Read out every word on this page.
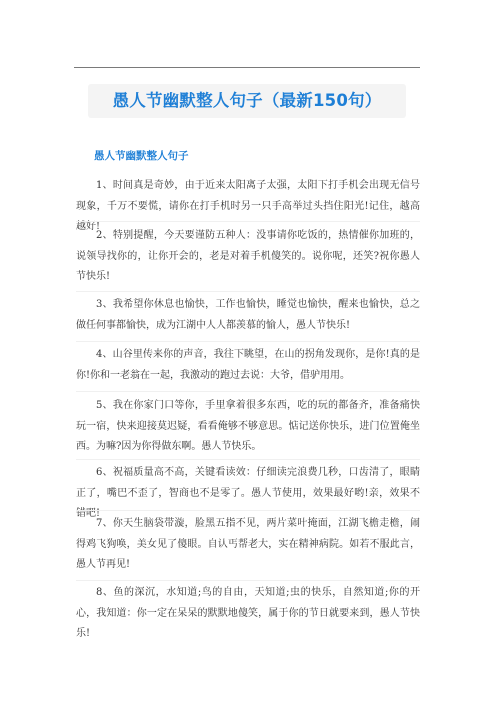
愚人节幽默整人句子（最新150句）
愚人节幽默整人句子

1、时间真是奇妙，由于近来太阳离子太强，太阳下打手机会出现无信号现象，千万不要慌，请你在打手机时另一只手高举过头挡住阳光!记住，越高越好!

2、特别提醒，今天要谨防五种人：没事请你吃饭的，热情催你加班的，说领导找你的，让你开会的，老是对着手机傻笑的。说你呢，还笑?祝你愚人节快乐!

3、我希望你休息也愉快，工作也愉快，睡觉也愉快，醒来也愉快，总之做任何事都愉快，成为江湖中人人都羡慕的愉人，愚人节快乐!

4、山谷里传来你的声音，我往下眺望，在山的拐角发现你，是你!真的是你!你和一老翁在一起，我激动的跑过去说：大爷，借驴用用。

5、我在你家门口等你，手里拿着很多东西，吃的玩的都备齐，准备痛快玩一宿，快来迎接莫迟疑，看看俺够不够意思。惦记送你快乐，进门位置俺坐西。为嘛?因为你得做东啊。愚人节快乐。

6、祝福质量高不高，关键看读效：仔细读完浪费几秒，口齿清了，眼睛正了，嘴巴不歪了，智商也不是零了。愚人节使用，效果最好哟!亲，效果不错吧!

7、你天生脑袋带漩，脸黑五指不见，两片菜叶掩面，江湖飞檐走檐，闹得鸡飞狗唤，美女见了傻眼。自认丐帮老大，实在精神病院。如若不服此言，愚人节再见!

8、鱼的深沉，水知道;鸟的自由，天知道;虫的快乐，自然知道;你的开心，我知道：你一定在呆呆的默默地傻笑，属于你的节日就要来到，愚人节快乐!
